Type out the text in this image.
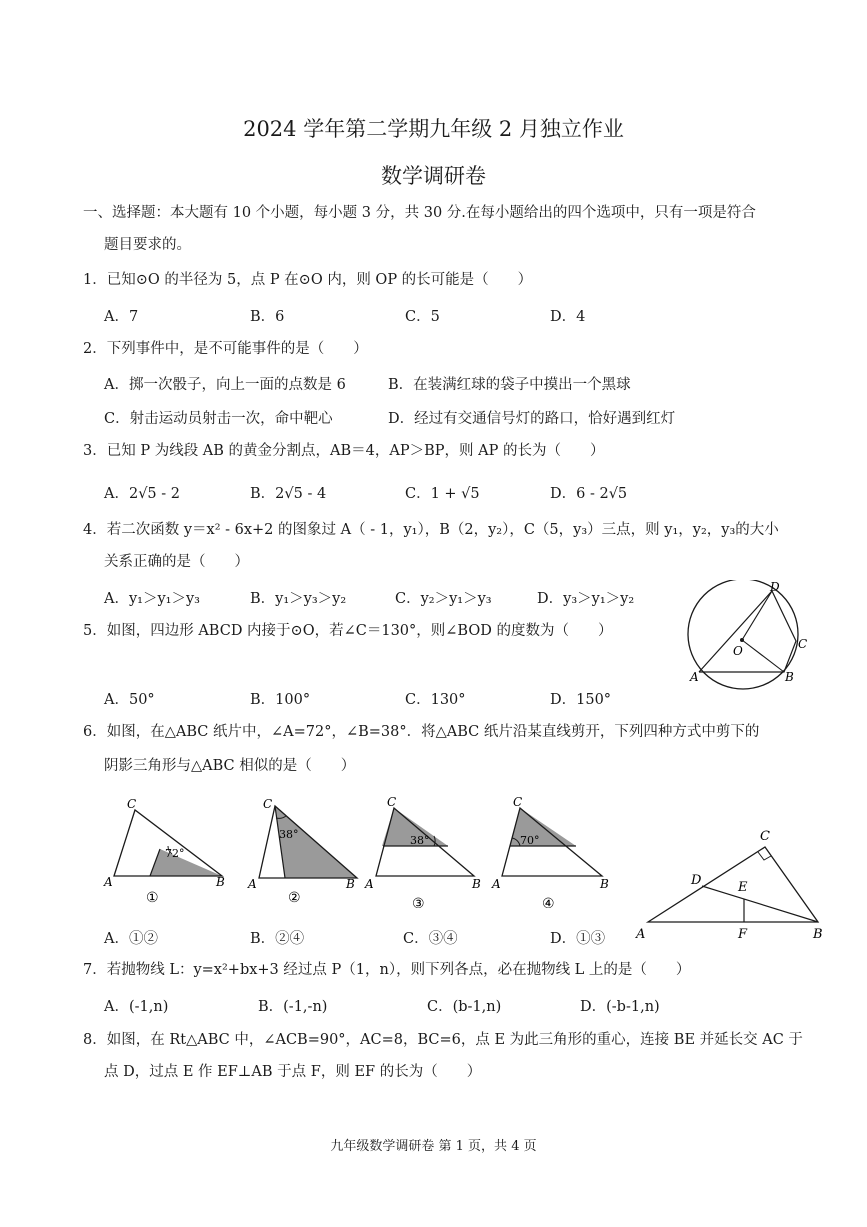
2024 学年第二学期九年级 2 月独立作业
数学调研卷
一、选择题：本大题有 10 个小题，每小题 3 分，共 30 分.在每小题给出的四个选项中，只有一项是符合
题目要求的。
1．已知⊙O 的半径为 5，点 P 在⊙O 内，则 OP 的长可能是（　　）
A．7	B．6	C．5	D．4
2．下列事件中，是不可能事件的是（　　）
A．掷一次骰子，向上一面的点数是 6	B．在装满红球的袋子中摸出一个黑球
C．射击运动员射击一次，命中靶心	D．经过有交通信号灯的路口，恰好遇到红灯
3．已知 P 为线段 AB 的黄金分割点，AB＝4，AP＞BP，则 AP 的长为（　　）
A．2√5 - 2	B．2√5 - 4	C．1 + √5	D．6 - 2√5
4．若二次函数 y＝x² - 6x+2 的图象过 A（ - 1，y₁），B（2，y₂），C（5，y₃）三点，则 y₁，y₂，y₃的大小
关系正确的是（　　）
A．y₁＞y₁＞y₃	B．y₁＞y₃＞y₂	C．y₂＞y₁＞y₃	D．y₃＞y₁＞y₂
5．如图，四边形 ABCD 内接于⊙O，若∠C＝130°，则∠BOD 的度数为（　　）
A．50°	B．100°	C．130°	D．150°
A	B
C
D
O
6．如图，在△ABC 纸片中，∠A=72°，∠B=38°．将△ABC 纸片沿某直线剪开，下列四种方式中剪下的
阴影三角形与△ABC 相似的是（　　）
72°
C
A	B
①
38°
C
A	B
②
38°
C
A	B
③
70°
C
A	B
④
A．①②	B．②④	C．③④	D．①③ A	B
C
D	E
F
7．若抛物线 L：y=x²+bx+3 经过点 P（1，n），则下列各点，必在抛物线 L 上的是（　　）
A．(-1,n)	B．(-1,-n)	C．(b-1,n)	D．(-b-1,n)
8．如图，在 Rt△ABC 中，∠ACB=90°，AC=8，BC=6，点 E 为此三角形的重心，连接 BE 并延长交 AC 于
点 D，过点 E 作 EF⊥AB 于点 F，则 EF 的长为（　　）
九年级数学调研卷 第 1 页，共 4 页
